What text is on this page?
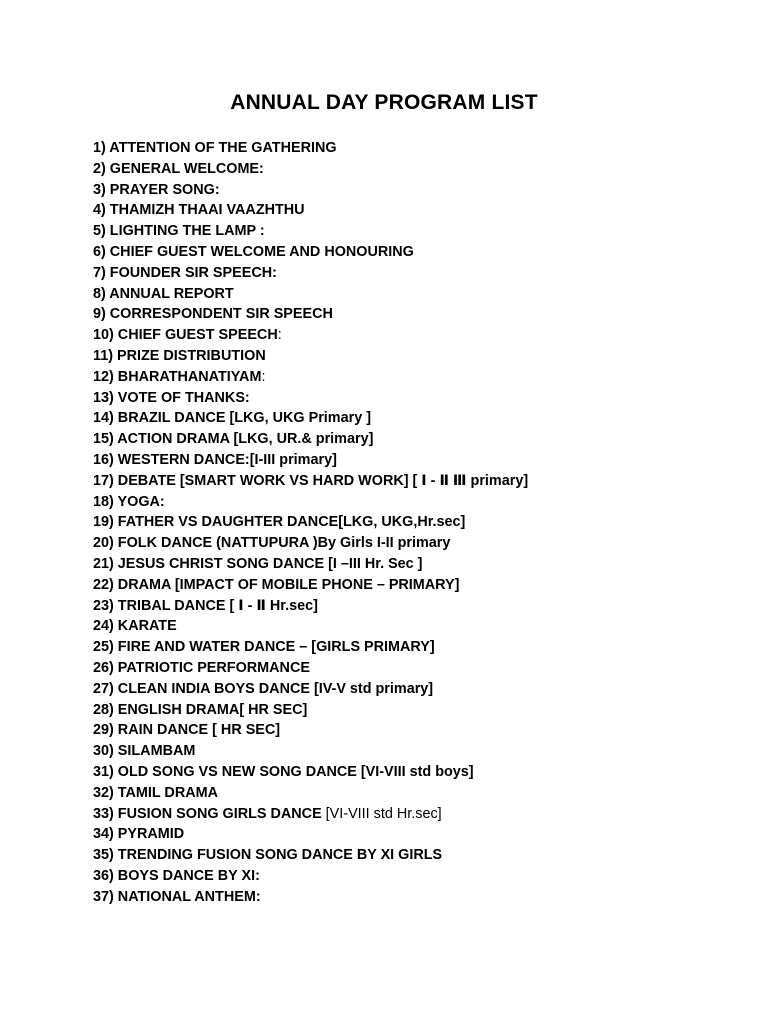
ANNUAL DAY PROGRAM LIST
1) ATTENTION OF THE GATHERING
2) GENERAL WELCOME:
3) PRAYER SONG:
4) THAMIZH THAAI VAAZHTHU
5) LIGHTING THE LAMP :
6) CHIEF GUEST WELCOME AND HONOURING
7) FOUNDER SIR SPEECH:
8) ANNUAL REPORT
9) CORRESPONDENT SIR SPEECH
10) CHIEF GUEST SPEECH:
11) PRIZE DISTRIBUTION
12) BHARATHANATIYAM:
13) VOTE OF THANKS:
14) BRAZIL DANCE [LKG, UKG Primary ]
15) ACTION DRAMA [LKG, UR.& primary]
16) WESTERN DANCE:[I-III primary]
17) DEBATE [SMART WORK VS HARD WORK] [ Ⅰ - Ⅱ Ⅲ primary]
18) YOGA:
19) FATHER VS DAUGHTER DANCE[LKG, UKG,Hr.sec]
20) FOLK DANCE (NATTUPURA )By Girls I-II primary
21) JESUS CHRIST SONG DANCE [I –III Hr. Sec ]
22) DRAMA [IMPACT OF MOBILE PHONE – PRIMARY]
23) TRIBAL DANCE [ Ⅰ - Ⅱ Hr.sec]
24) KARATE
25) FIRE AND WATER DANCE – [GIRLS PRIMARY]
26) PATRIOTIC PERFORMANCE
27) CLEAN INDIA BOYS DANCE [IV-V std primary]
28) ENGLISH DRAMA[ HR SEC]
29) RAIN DANCE [ HR SEC]
30) SILAMBAM
31) OLD SONG VS NEW SONG DANCE [VI-VIII std boys]
32) TAMIL DRAMA
33) FUSION SONG GIRLS DANCE [VI-VIII std Hr.sec]
34) PYRAMID
35) TRENDING FUSION SONG DANCE BY XI GIRLS
36) BOYS DANCE BY XI:
37) NATIONAL ANTHEM:
